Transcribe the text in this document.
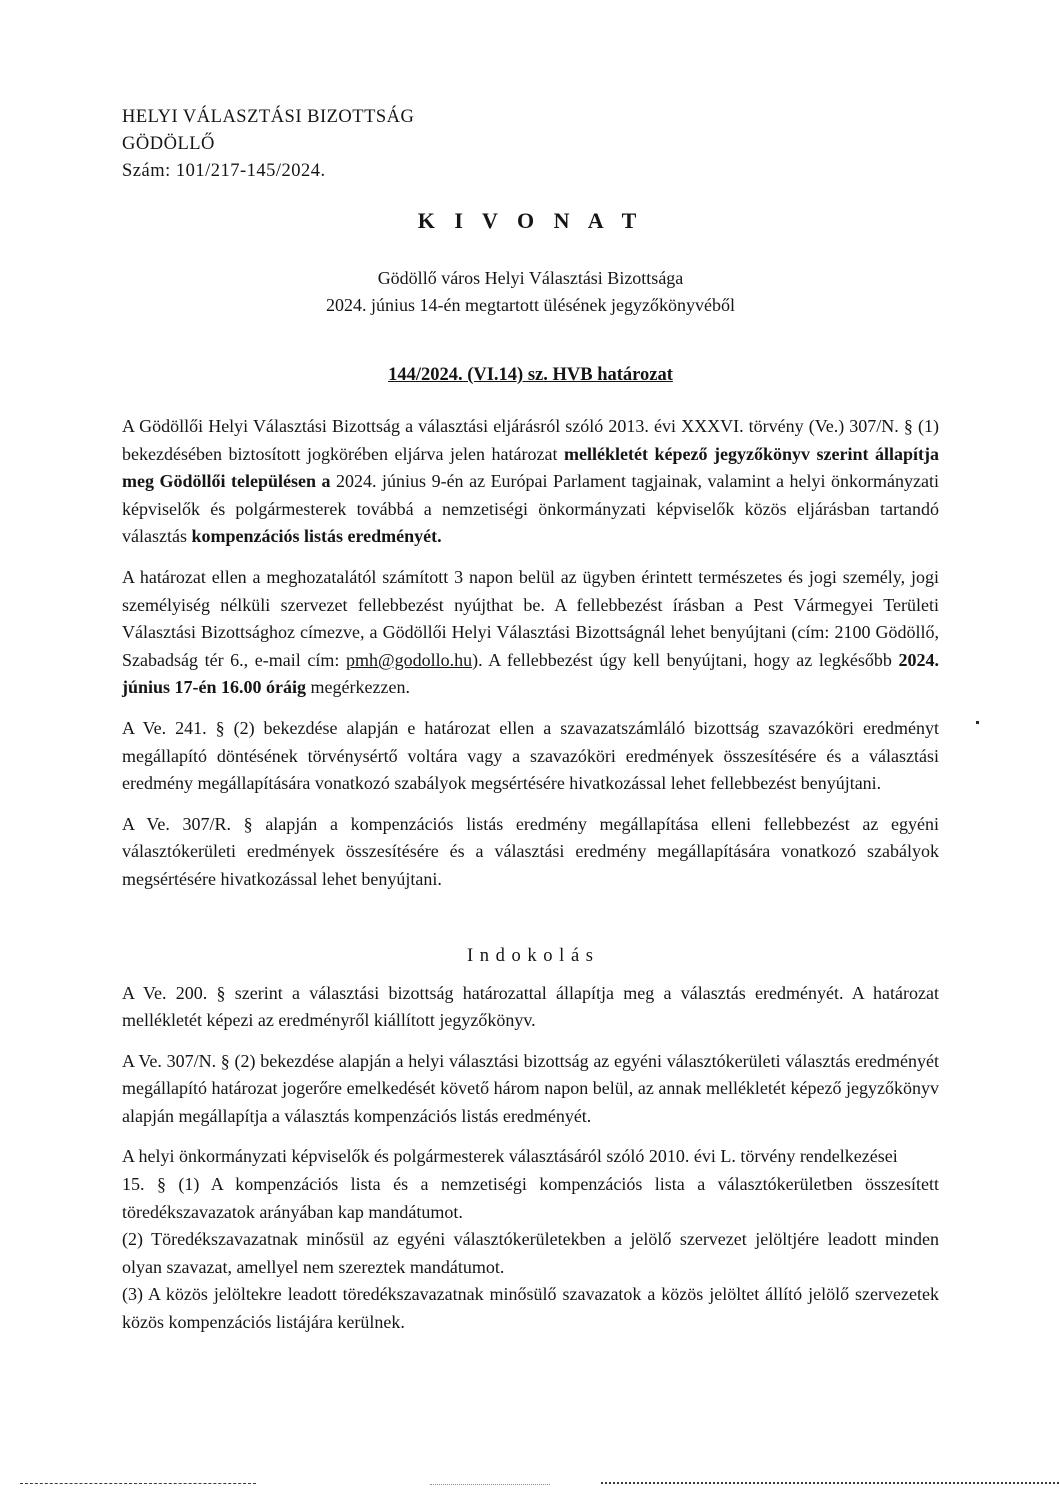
HELYI VÁLASZTÁSI BIZOTTSÁG
GÖDÖLLŐ
Szám: 101/217-145/2024.
K I V O N A T
Gödöllő város Helyi Választási Bizottsága
2024. június 14-én megtartott ülésének jegyzőkönyvéből
144/2024. (VI.14) sz. HVB határozat
A Gödöllői Helyi Választási Bizottság a választási eljárásról szóló 2013. évi XXXVI. törvény (Ve.) 307/N. § (1) bekezdésében biztosított jogkörében eljárva jelen határozat mellékletét képező jegyzőkönyv szerint állapítja meg Gödöllői településen a 2024. június 9-én az Európai Parlament tagjainak, valamint a helyi önkormányzati képviselők és polgármesterek továbbá a nemzetiségi önkormányzati képviselők közös eljárásban tartandó választás kompenzációs listás eredményét.
A határozat ellen a meghozatalától számított 3 napon belül az ügyben érintett természetes és jogi személy, jogi személyiség nélküli szervezet fellebbezést nyújthat be. A fellebbezést írásban a Pest Vármegyei Területi Választási Bizottsághoz címezve, a Gödöllői Helyi Választási Bizottságnál lehet benyújtani (cím: 2100 Gödöllő, Szabadság tér 6., e-mail cím: pmh@godollo.hu). A fellebbezést úgy kell benyújtani, hogy az legkésőbb 2024. június 17-én 16.00 óráig megérkezzen.
A Ve. 241. § (2) bekezdése alapján e határozat ellen a szavazatszámláló bizottság szavazóköri eredményt megállapító döntésének törvénysértő voltára vagy a szavazóköri eredmények összesítésére és a választási eredmény megállapítására vonatkozó szabályok megsértésére hivatkozással lehet fellebbezést benyújtani.
A Ve. 307/R. § alapján a kompenzációs listás eredmény megállapítása elleni fellebbezést az egyéni választókerületi eredmények összesítésére és a választási eredmény megállapítására vonatkozó szabályok megsértésére hivatkozással lehet benyújtani.
I n d o k o l á s
A Ve. 200. § szerint a választási bizottság határozattal állapítja meg a választás eredményét. A határozat mellékletét képezi az eredményről kiállított jegyzőkönyv.
A Ve. 307/N. § (2) bekezdése alapján a helyi választási bizottság az egyéni választókerületi választás eredményét megállapító határozat jogerőre emelkedését követő három napon belül, az annak mellékletét képező jegyzőkönyv alapján megállapítja a választás kompenzációs listás eredményét.
A helyi önkormányzati képviselők és polgármesterek választásáról szóló 2010. évi L. törvény rendelkezései
15. § (1) A kompenzációs lista és a nemzetiségi kompenzációs lista a választókerületben összesített töredékszavazatok arányában kap mandátumot.
(2) Töredékszavazatnak minősül az egyéni választókerületekben a jelölő szervezet jelöltjére leadott minden olyan szavazat, amellyel nem szereztek mandátumot.
(3) A közös jelöltekre leadott töredékszavazatnak minősülő szavazatok a közös jelöltet állító jelölő szervezetek közös kompenzációs listájára kerülnek.
